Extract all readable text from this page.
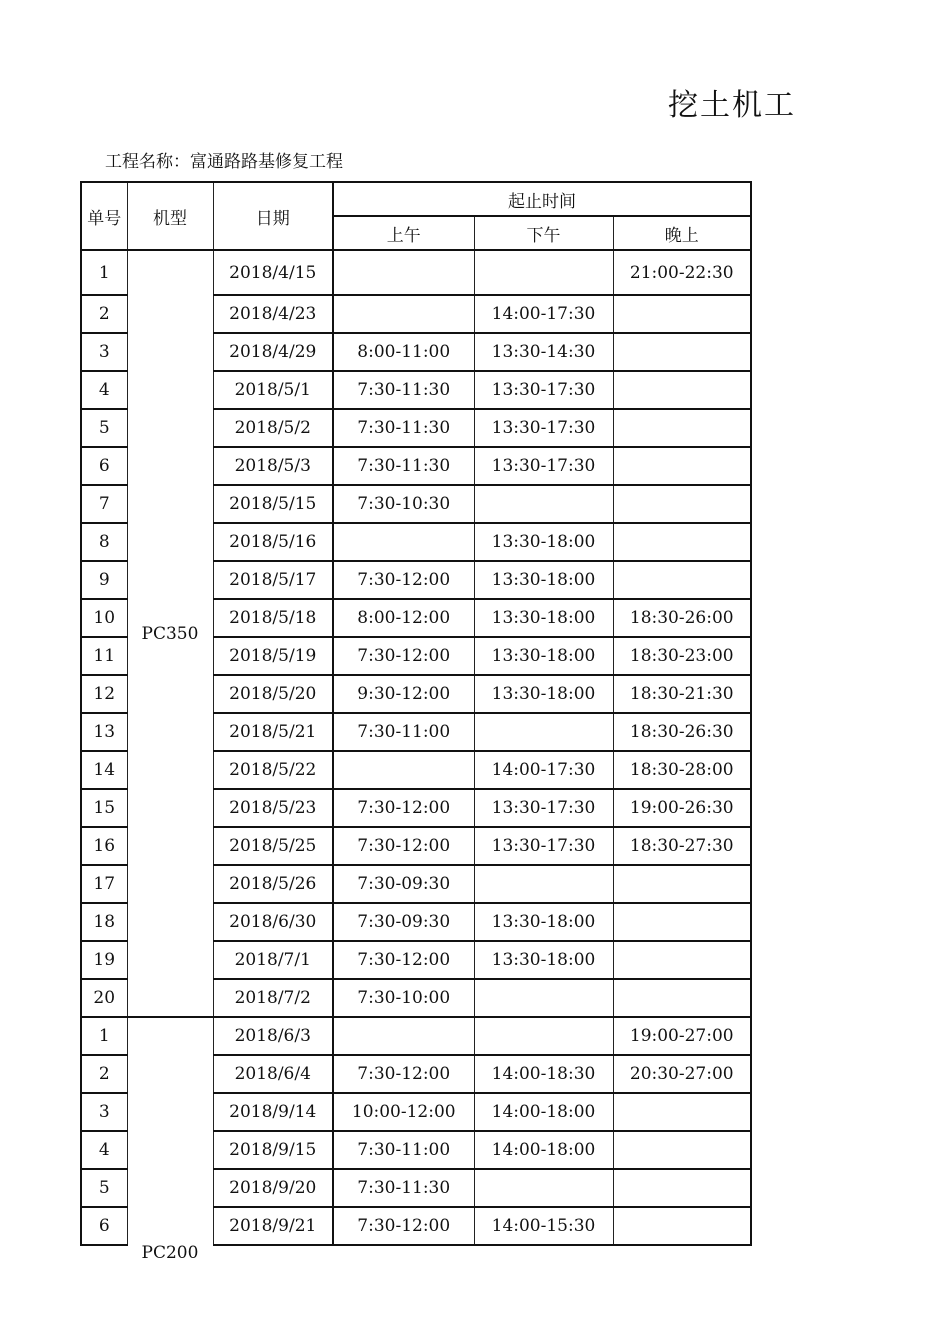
挖土机工
工程名称：富通路路基修复工程
单号	机型	日期	起止时间		
			上午	下午	晚上
1	PC350	2018/4/15			21:00-22:30
2		2018/4/23		14:00-17:30	
3		2018/4/29	8:00-11:00	13:30-14:30	
4		2018/5/1	7:30-11:30	13:30-17:30	
5		2018/5/2	7:30-11:30	13:30-17:30	
6		2018/5/3	7:30-11:30	13:30-17:30	
7		2018/5/15	7:30-10:30		
8		2018/5/16		13:30-18:00	
9		2018/5/17	7:30-12:00	13:30-18:00	
10		2018/5/18	8:00-12:00	13:30-18:00	18:30-26:00
11		2018/5/19	7:30-12:00	13:30-18:00	18:30-23:00
12		2018/5/20	9:30-12:00	13:30-18:00	18:30-21:30
13		2018/5/21	7:30-11:00		18:30-26:30
14		2018/5/22		14:00-17:30	18:30-28:00
15		2018/5/23	7:30-12:00	13:30-17:30	19:00-26:30
16		2018/5/25	7:30-12:00	13:30-17:30	18:30-27:30
17		2018/5/26	7:30-09:30		
18		2018/6/30	7:30-09:30	13:30-18:00	
19		2018/7/1	7:30-12:00	13:30-18:00	
20		2018/7/2	7:30-10:00		
1	PC200	2018/6/3			19:00-27:00
2		2018/6/4	7:30-12:00	14:00-18:30	20:30-27:00
3		2018/9/14	10:00-12:00	14:00-18:00	
4		2018/9/15	7:30-11:00	14:00-18:00	
5		2018/9/20	7:30-11:30		
6		2018/9/21	7:30-12:00	14:00-15:30	
